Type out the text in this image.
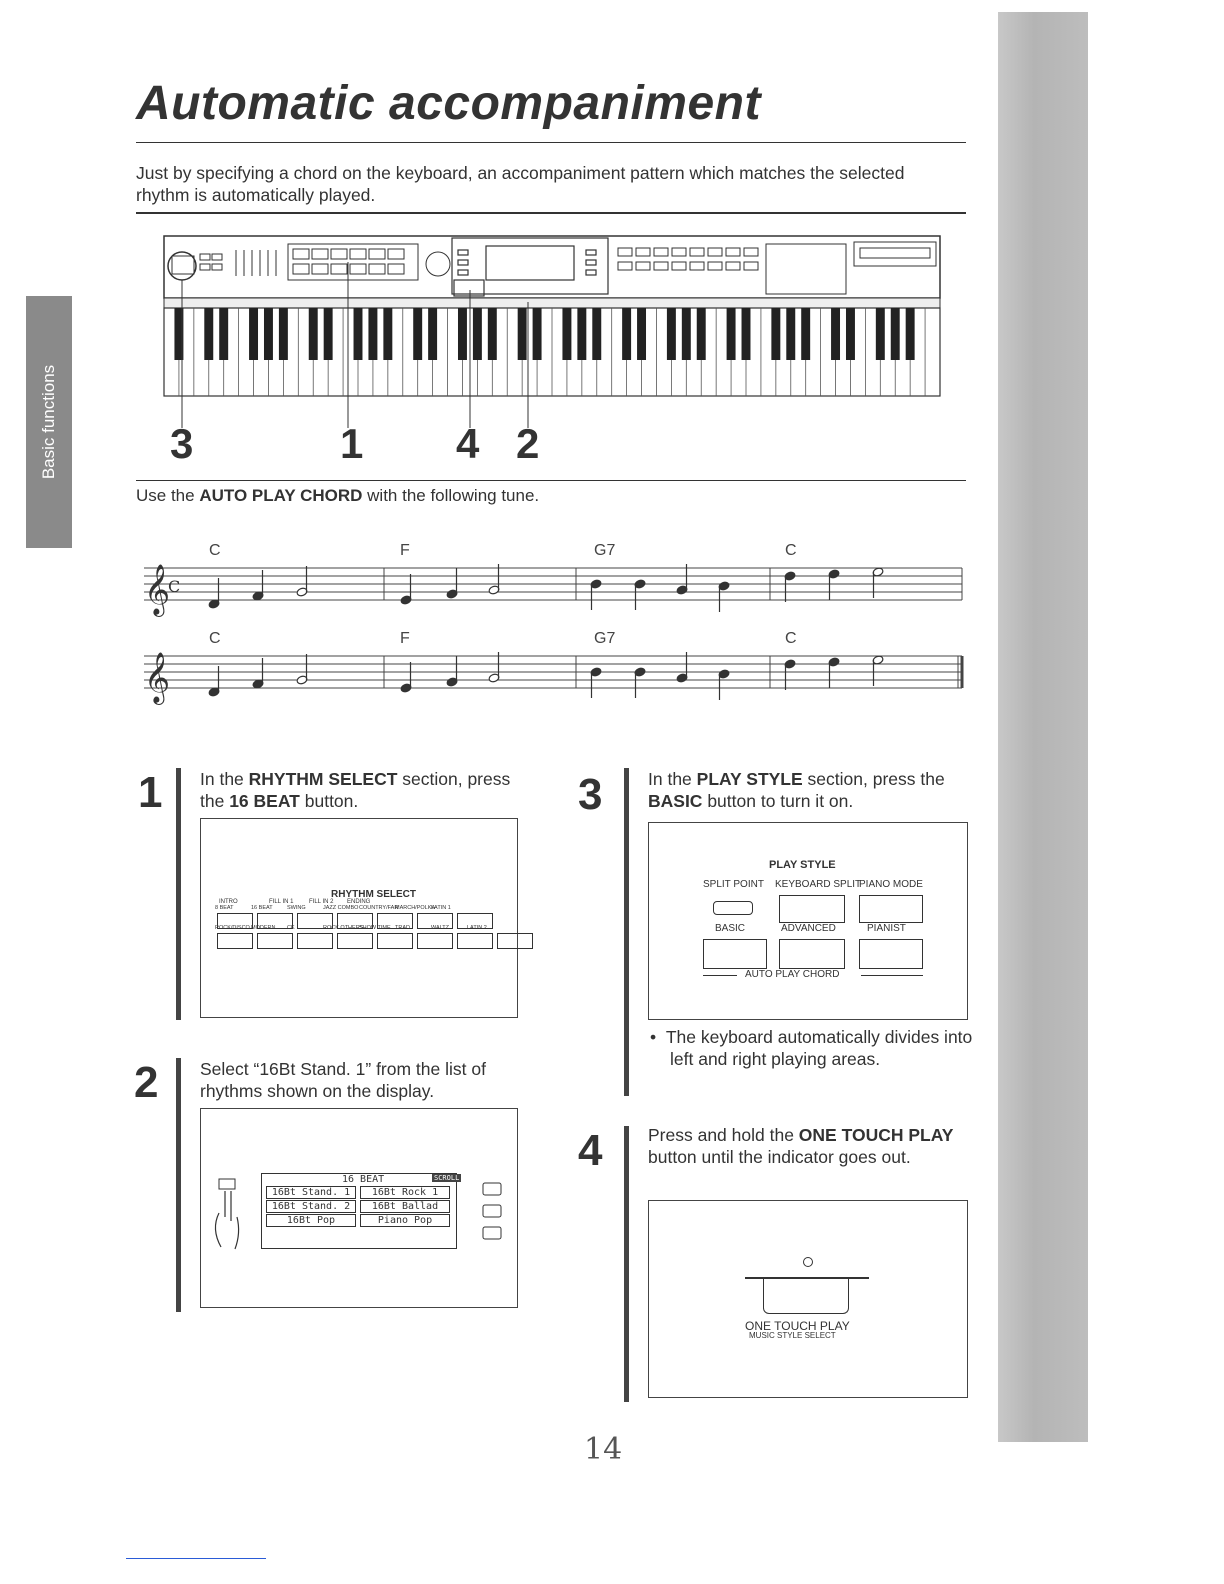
Basic functions
Automatic accompaniment
Just by specifying a chord on the keyboard, an accompaniment pattern which matches the selected rhythm is automatically played.
3	1 4 2
Use the AUTO PLAY CHORD with the following tune.
C	F	G7	C
C	F	G7	C
𝄞
C
𝄞
1 In the RHYTHM SELECT section, press the 16 BEAT button.
RHYTHM SELECT
INTRO	FILL IN 1	FILL IN 2 ENDING
8 BEAT	16 BEAT	SWING	JAZZ COMBO COUNTRY/FAR
MARCH/POLKA
LATIN 1
ROCK/DISCO MODERN	CK	ROCK OTHERS
SHOW TIME TRAD	WALTZ	LATIN 2
2 Select “16Bt Stand. 1” from the list of rhythms shown on the display.
16 BEAT	SCROLL
16Bt Stand. 1	16Bt Rock 1
16Bt Stand. 2	16Bt Ballad
16Bt Pop	Piano Pop
3	In the PLAY STYLE section, press the BASIC button to turn it on.
PLAY STYLE
SPLIT POINT KEYBOARD SPLIT
PIANO MODE
BASIC	ADVANCED	PIANIST
AUTO PLAY CHORD
•  The keyboard automatically divides into left and right playing areas.
4	Press and hold the ONE TOUCH PLAY button until the indicator goes out.
ONE TOUCH PLAY
MUSIC STYLE SELECT
14
